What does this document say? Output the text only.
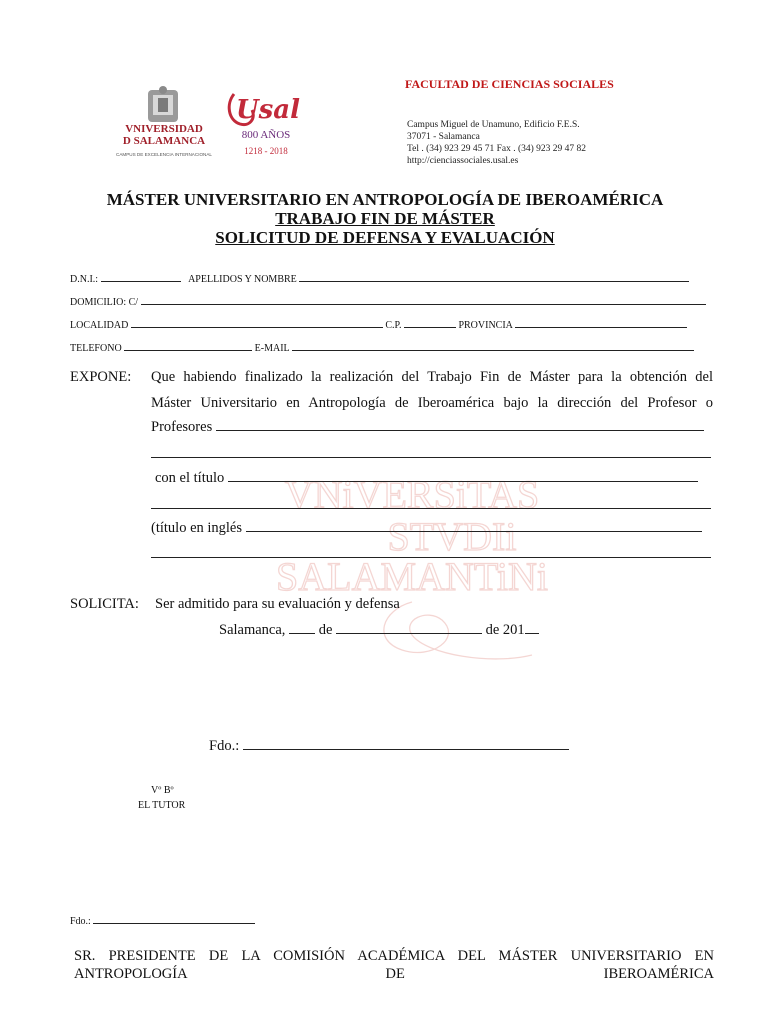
VNIVERSIDAD
D SALAMANCA
CAMPUS DE EXCELENCIA INTERNACIONAL
Usal
800 AÑOS
1218 - 2018
FACULTAD DE CIENCIAS SOCIALES
Campus Miguel de Unamuno, Edificio F.E.S.
37071 - Salamanca
Tel . (34) 923 29 45 71 Fax . (34) 923 29 47 82
http://cienciassociales.usal.es
MÁSTER UNIVERSITARIO EN ANTROPOLOGÍA DE IBEROAMÉRICA
TRABAJO FIN DE MÁSTER
SOLICITUD DE DEFENSA Y EVALUACIÓN
D.N.I.:	APELLIDOS Y NOMBRE
DOMICILIO: C/
LOCALIDAD	C.P.	PROVINCIA
TELEFONO	E-MAIL
VNiVERSiTAS
STVDIi
SALAMANTiNi
EXPONE: Que habiendo finalizado la realización del Trabajo Fin de Máster para la obtención del
Máster Universitario en Antropología de Iberoamérica bajo la dirección del Profesor o
Profesores
con el título
(título en inglés
SOLICITA: Ser admitido para su evaluación y defensa
Salamanca, de	de 201
Fdo.:
Vº Bº
EL TUTOR
Fdo.:
SR. PRESIDENTE DE LA COMISIÓN ACADÉMICA DEL MÁSTER UNIVERSITARIO EN ANTROPOLOGÍA DE IBEROAMÉRICA
